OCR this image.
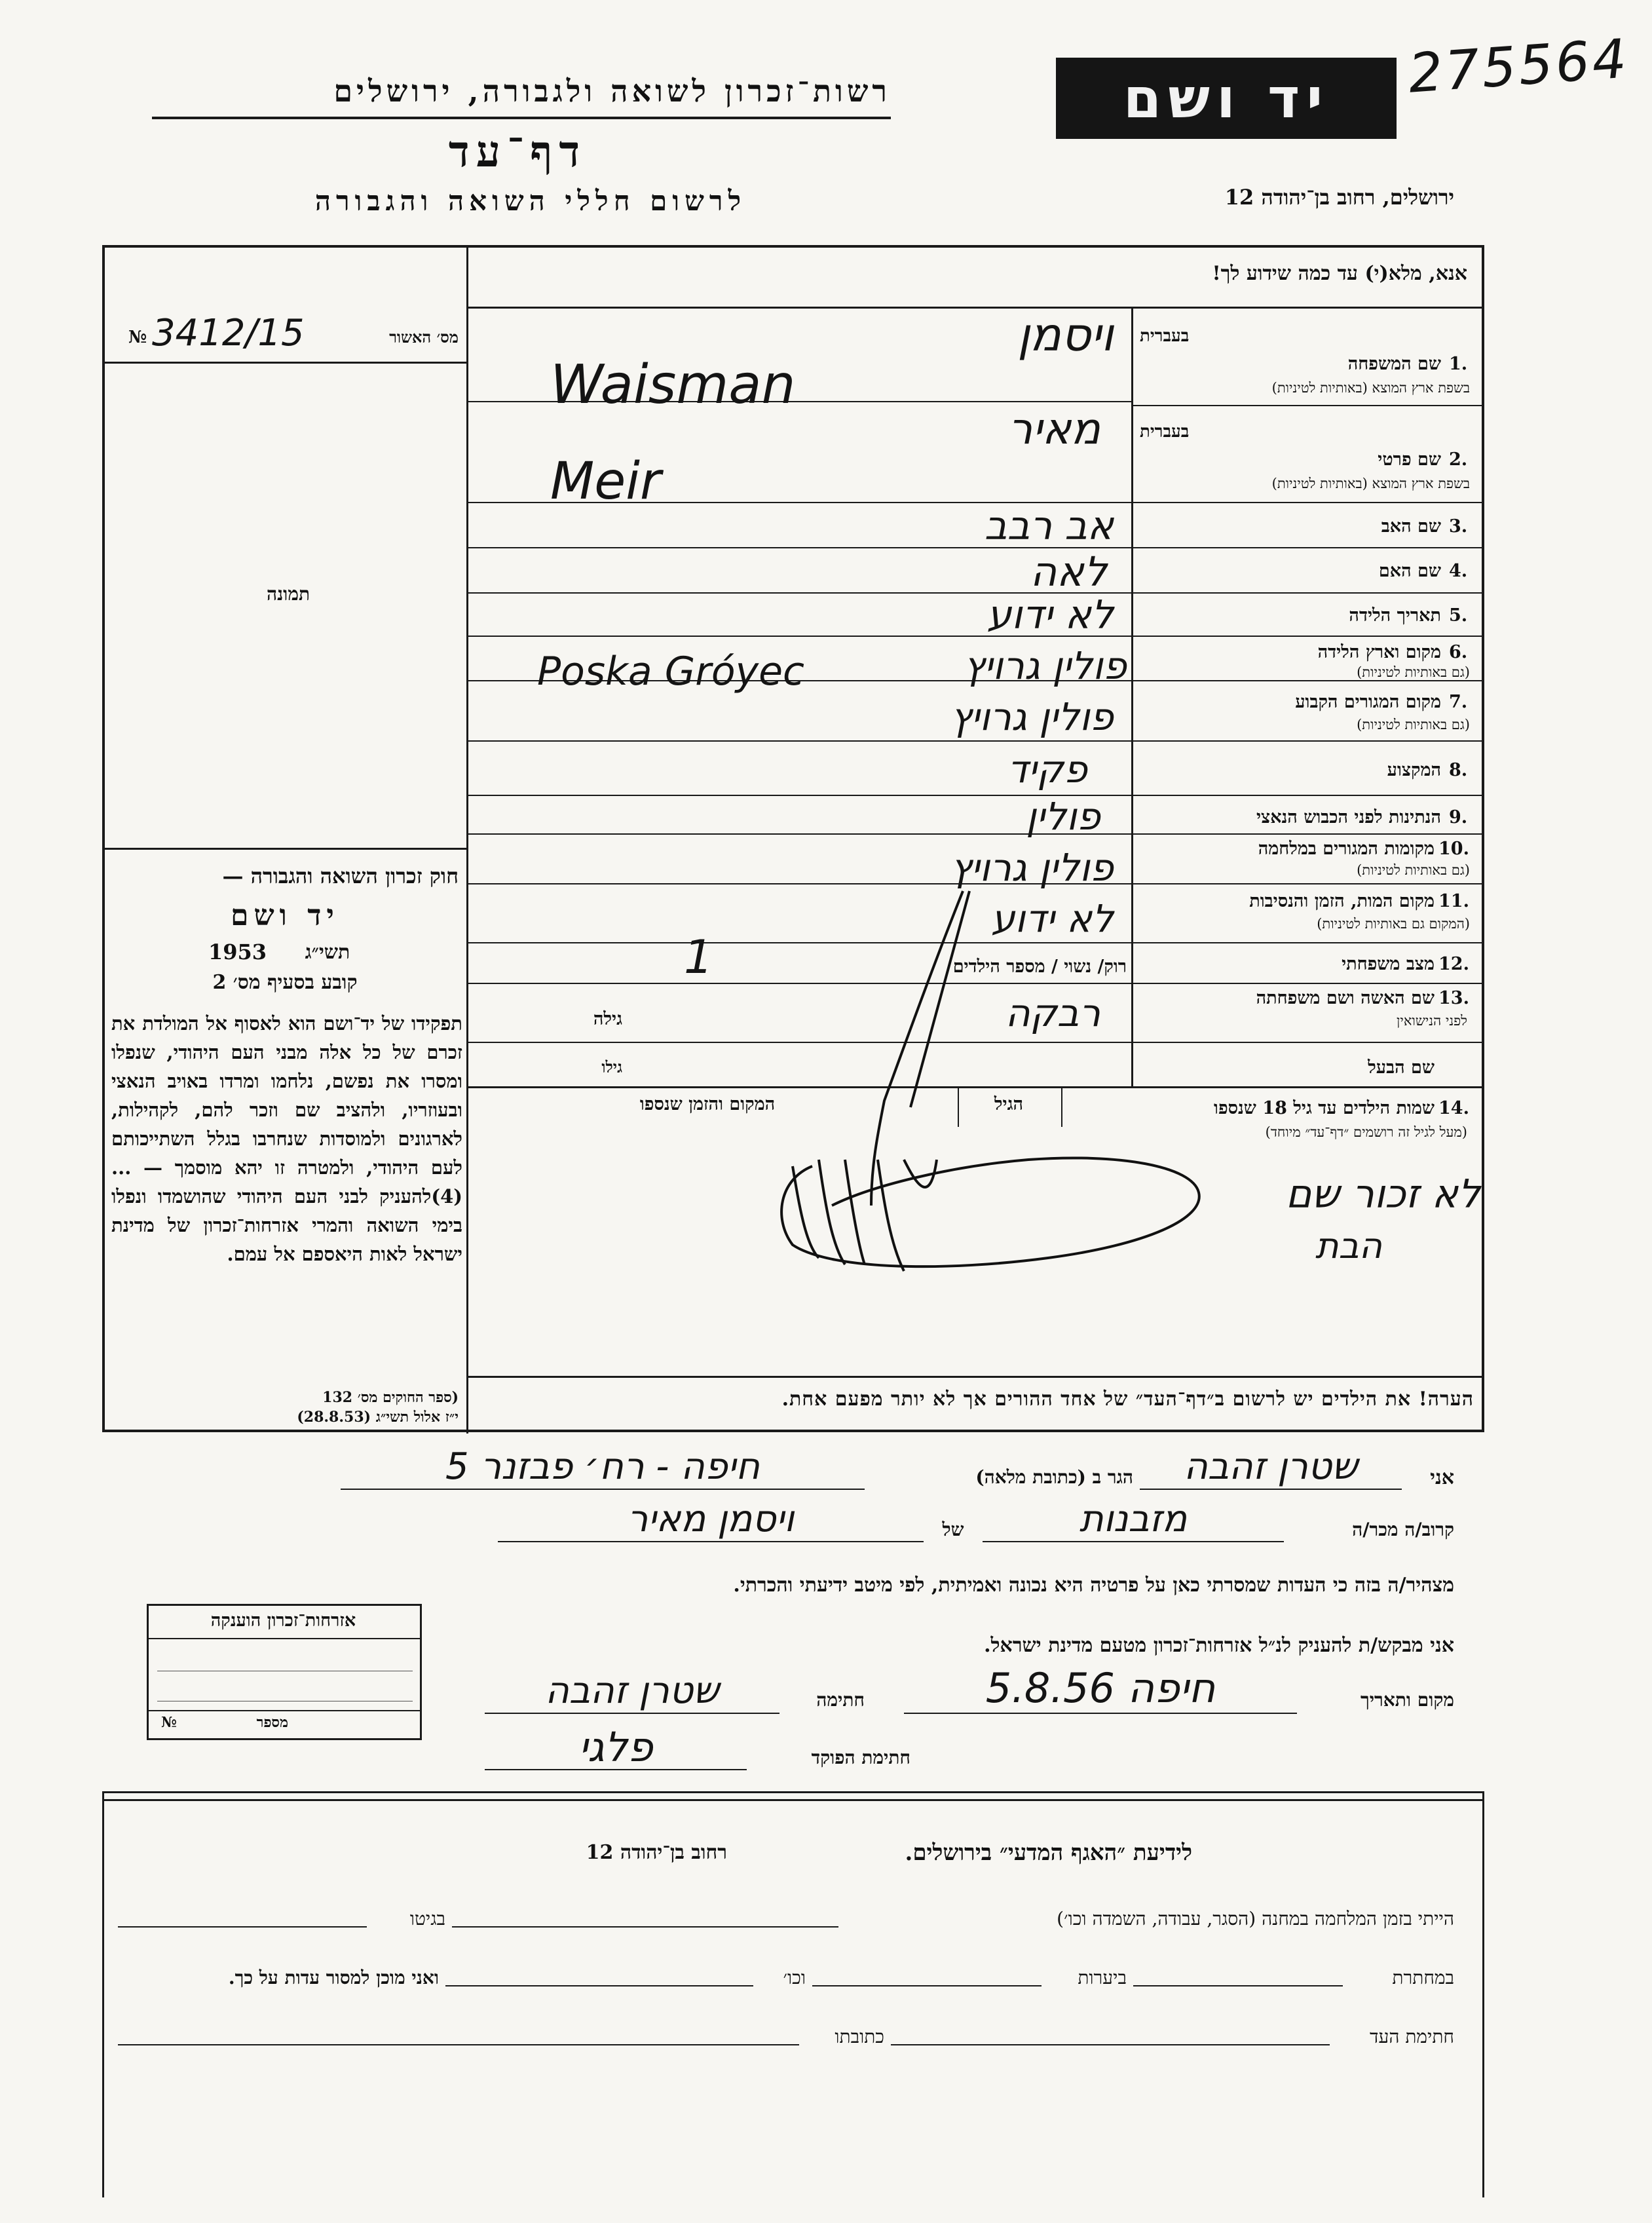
רשות־זכרון לשואה ולגבורה, ירושלים
דף־עד
לרשום חללי השואה והגבורה
יד ושם	275564
ירושלים, רחוב בן־יהודה 12
אנא, מלא(י) עד כמה שידוע לך!
מס׳ האשור
№ 3412/15
תמונה
חוק זכרון השואה והגבורה —
יד ושם
תשי״ג
1953
קובע בסעיף מס׳ 2
תפקידו של יד־ושם הוא לאסוף אל המולדת את זכרם של כל אלה מבני העם היהודי, שנפלו ומסרו את נפשם, נלחמו ומרדו באויב הנאצי ובעוזריו, ולהציב שם וזכר להם, לקהילות, לארגונים ולמוסדות שנחרבו בגלל השתייכותם לעם היהודי, ולמטרה זו יהא מוסמך — ...(4)להעניק לבני העם היהודי שהושמדו ונפלו בימי השואה והמרי אזרחות־זכרון של מדינת ישראל לאות היאספם אל עמם.
(ספר החוקים מס׳ 132
י״ז אלול תשי״ג (28.8.53)
1.
שם המשפחה
בשפת ארץ המוצא (באותיות לטיניות)
בעברית
ויסמן
Waisman
2.
שם פרטי
בשפת ארץ המוצא (באותיות לטיניות)
בעברית
מאיר
Meir
3.
שם האב
אב רבב
4.
שם האם
לאה
5.
תאריך הלידה
לא ידוע
6.
מקום וארץ הלידה
(גם באותיות לטיניות)
פולין גרויץ
Poska Gróyec
7.
מקום המגורים הקבוע
(גם באותיות לטיניות)
פולין גרויץ
8.
המקצוע
פקיד
9.
הנתינות לפני הכבוש הנאצי
פולין
10.
מקומות המגורים במלחמה
(גם באותיות לטיניות)
פולין גרויץ
11.
מקום המות, הזמן והנסיבות
(המקום גם באותיות לטיניות)
לא ידוע
12.
מצב משפחתי
רוק/ נשוי / מספר הילדים
1
13.
שם האשה ושם משפחתה
לפני הנישואין
רבקה
גילה
שם הבעל
גילו
14.
שמות הילדים עד גיל 18 שנספו
(מעל לגיל זה רושמים ״דף־עד״ מיוחד)
הגיל
המקום והזמן שנספו
לא זכור שם
הבת
הערה! את הילדים יש לרשום ב״דף־העד״ של אחד ההורים אך לא יותר מפעם אחת.
אני
שטרן זהבה
הגר ב (כתובת מלאה)
חיפה - רח׳ פבזנר 5
קרוב/ה מכר/ה
מזבנות
של
ויסמן מאיר
מצהיר/ה בזה כי העדות שמסרתי כאן על פרטיה היא נכונה ואמיתית, לפי מיטב ידיעתי והכרתי.
אני מבקש/ת להעניק לנ״ל אזרחות־זכרון מטעם מדינת ישראל.
מקום ותאריך
חיפה 5.8.56
חתימה
שטרן זהבה
חתימת הפוקד
פלגי
אזרחות־זכרון הוענקה
מספר
№
לידיעת ״האגף המדעי״ בירושלים.
רחוב בן־יהודה 12
הייתי בזמן המלחמה במחנה (הסגר, עבודה, השמדה וכו׳)
בגיטו
במחתרת
ביערות
וכו׳
ואני מוכן למסור עדות על כך.
חתימת העד
כתובתו
